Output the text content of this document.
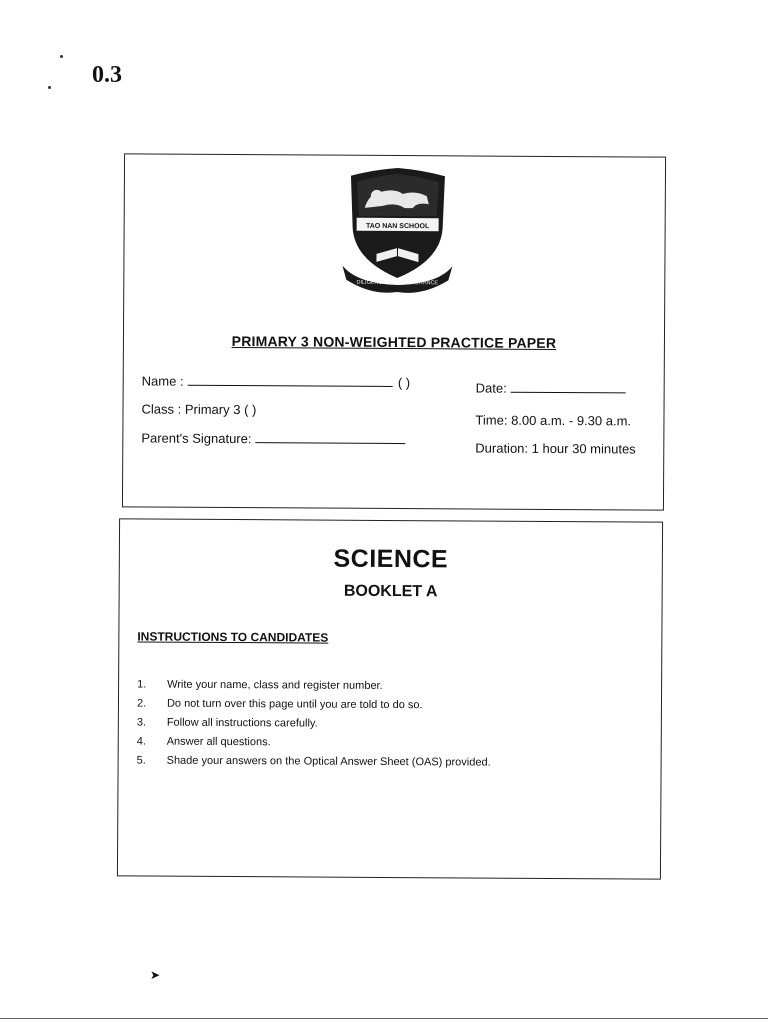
0.3
TAO NAN SCHOOL
DILIGENCE & PERSEVERANCE
PRIMARY 3 NON-WEIGHTED PRACTICE PAPER
Name :	( )
Class : Primary 3 ( )
Parent's Signature:
Date:
Time: 8.00 a.m. - 9.30 a.m.
Duration: 1 hour 30 minutes
SCIENCE
BOOKLET A
INSTRUCTIONS TO CANDIDATES
1. Write your name, class and register number.
2. Do not turn over this page until you are told to do so.
3. Follow all instructions carefully.
4. Answer all questions.
5. Shade your answers on the Optical Answer Sheet (OAS) provided.
➤
